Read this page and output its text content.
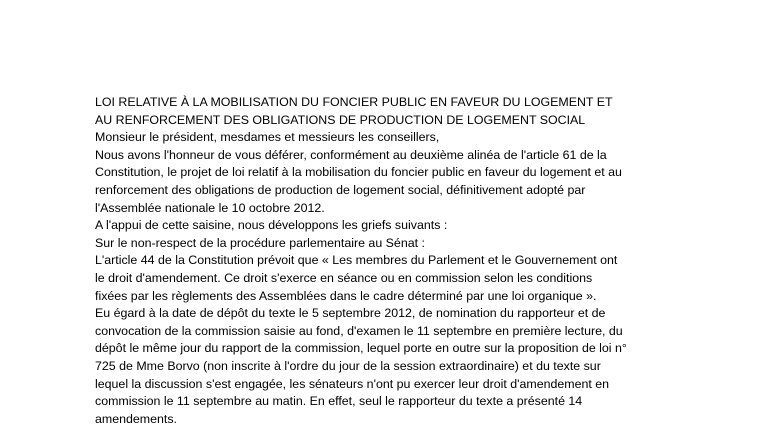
LOI RELATIVE À LA MOBILISATION DU FONCIER PUBLIC EN FAVEUR DU LOGEMENT ET
AU RENFORCEMENT DES OBLIGATIONS DE PRODUCTION DE LOGEMENT SOCIAL
Monsieur le président, mesdames et messieurs les conseillers,
Nous avons l'honneur de vous déférer, conformément au deuxième alinéa de l'article 61 de la
Constitution, le projet de loi relatif à la mobilisation du foncier public en faveur du logement et au
renforcement des obligations de production de logement social, définitivement adopté par
l'Assemblée nationale le 10 octobre 2012.
A l'appui de cette saisine, nous développons les griefs suivants :
Sur le non-respect de la procédure parlementaire au Sénat :
L'article 44 de la Constitution prévoit que « Les membres du Parlement et le Gouvernement ont
le droit d'amendement. Ce droit s'exerce en séance ou en commission selon les conditions
fixées par les règlements des Assemblées dans le cadre déterminé par une loi organique ».
Eu égard à la date de dépôt du texte le 5 septembre 2012, de nomination du rapporteur et de
convocation de la commission saisie au fond, d'examen le 11 septembre en première lecture, du
dépôt le même jour du rapport de la commission, lequel porte en outre sur la proposition de loi n°
725 de Mme Borvo (non inscrite à l'ordre du jour de la session extraordinaire) et du texte sur
lequel la discussion s'est engagée, les sénateurs n'ont pu exercer leur droit d'amendement en
commission le 11 septembre au matin. En effet, seul le rapporteur du texte a présenté 14
amendements.
